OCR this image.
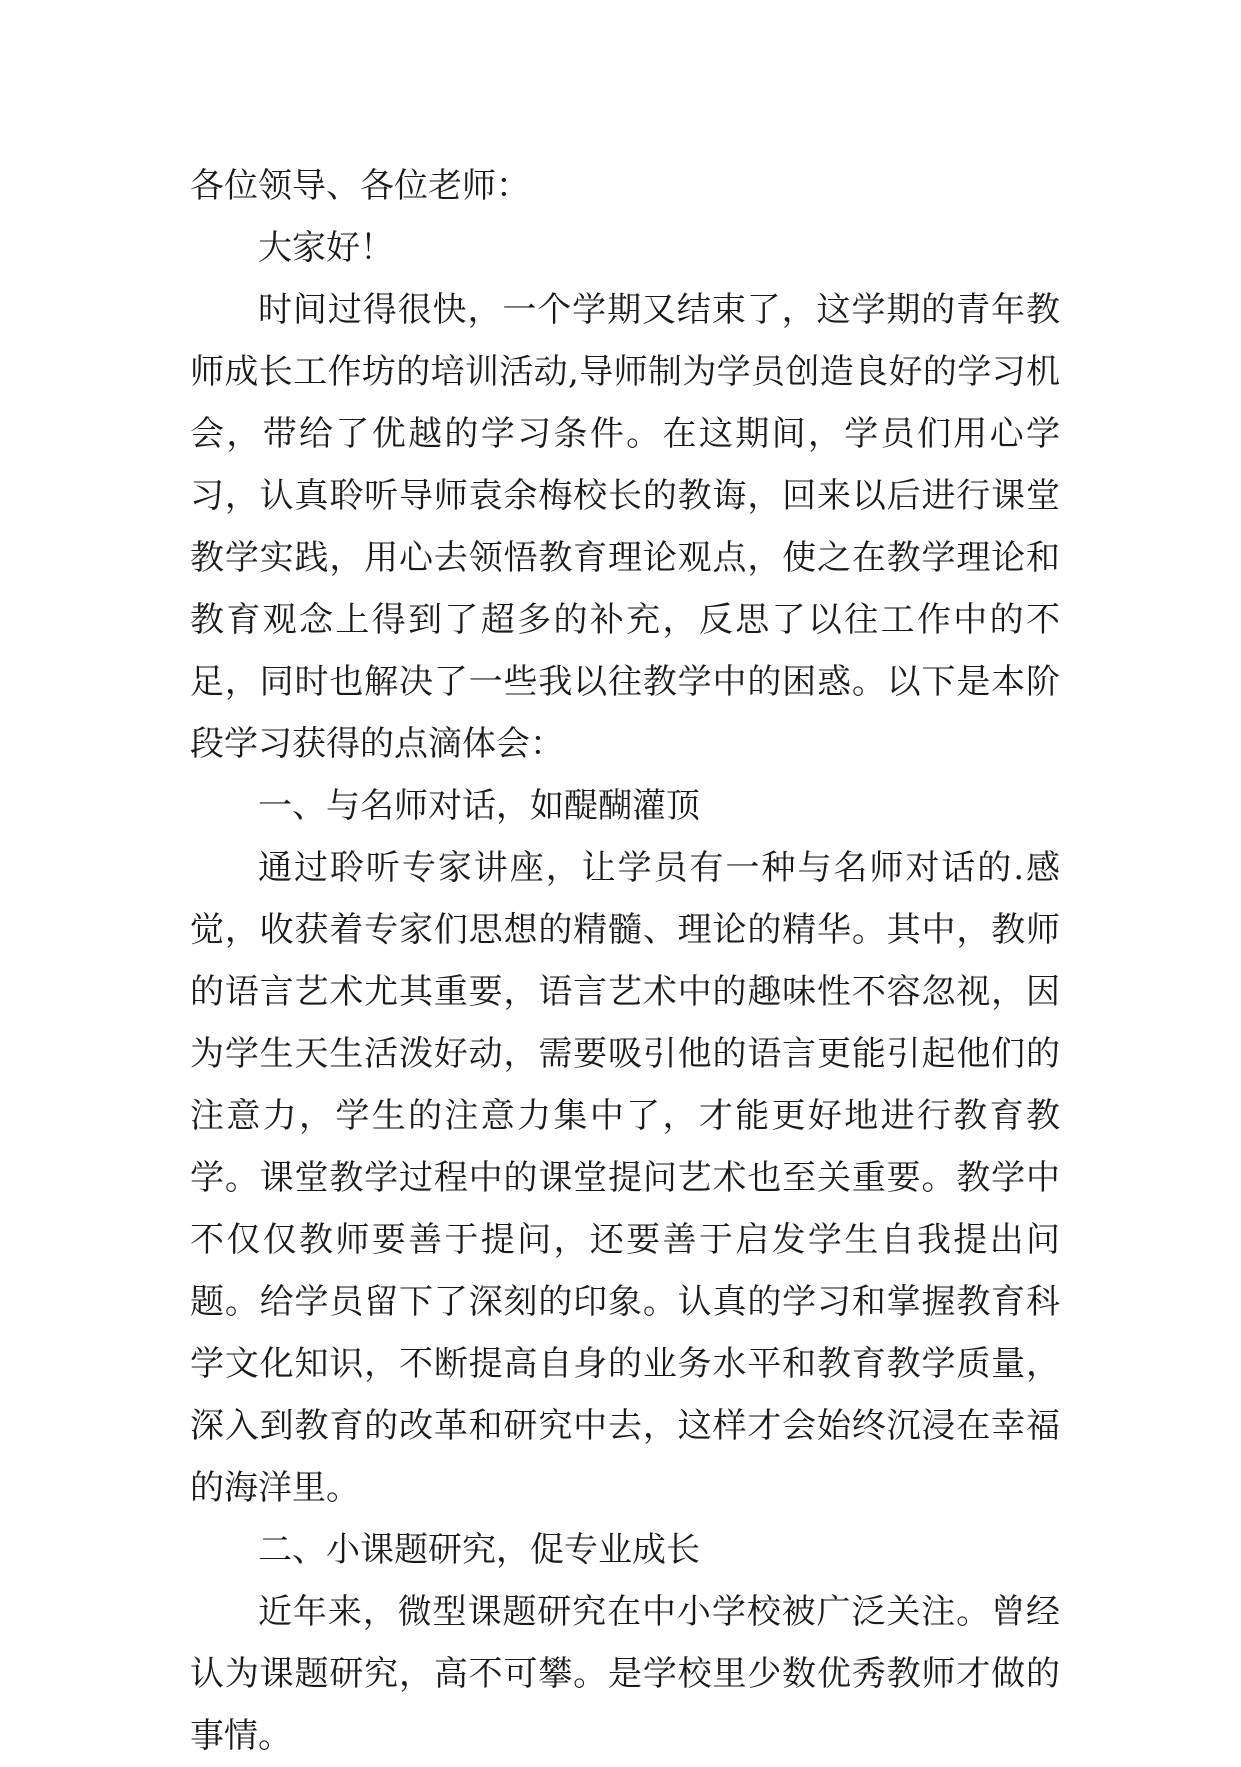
各位领导、各位老师：

大家好！

时间过得很快，一个学期又结束了，这学期的青年教师成长工作坊的培训活动,导师制为学员创造良好的学习机会，带给了优越的学习条件。在这期间，学员们用心学习，认真聆听导师袁余梅校长的教诲，回来以后进行课堂教学实践，用心去领悟教育理论观点，使之在教学理论和教育观念上得到了超多的补充，反思了以往工作中的不足，同时也解决了一些我以往教学中的困惑。以下是本阶段学习获得的点滴体会：

一、与名师对话，如醍醐灌顶

通过聆听专家讲座，让学员有一种与名师对话的.感觉，收获着专家们思想的精髓、理论的精华。其中，教师的语言艺术尤其重要，语言艺术中的趣味性不容忽视，因为学生天生活泼好动，需要吸引他的语言更能引起他们的注意力，学生的注意力集中了，才能更好地进行教育教学。课堂教学过程中的课堂提问艺术也至关重要。教学中不仅仅教师要善于提问，还要善于启发学生自我提出问题。给学员留下了深刻的印象。认真的学习和掌握教育科学文化知识，不断提高自身的业务水平和教育教学质量，深入到教育的改革和研究中去，这样才会始终沉浸在幸福的海洋里。

二、小课题研究，促专业成长

近年来，微型课题研究在中小学校被广泛关注。曾经认为课题研究，高不可攀。是学校里少数优秀教师才做的事情。
